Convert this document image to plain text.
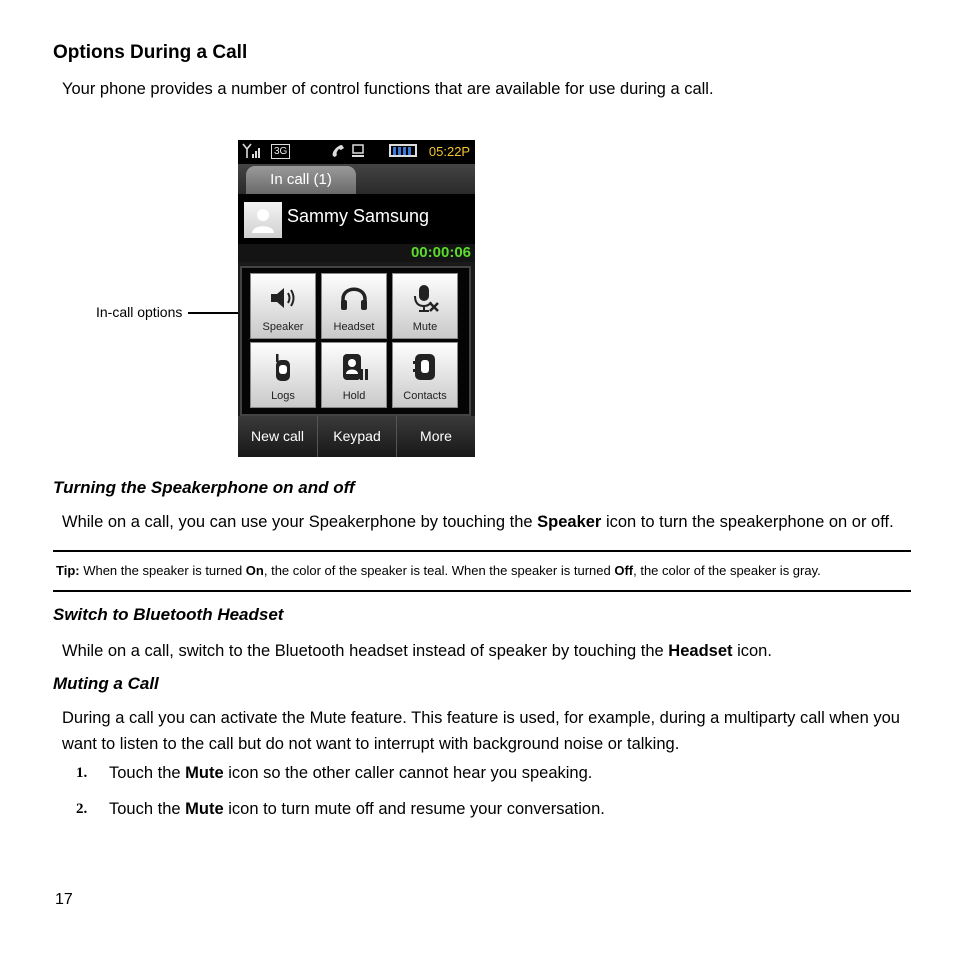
Options During a Call
Your phone provides a number of control functions that are available for use during a call.
3G	05:22P
In call (1)
Sammy Samsung
00:00:06
Speaker	Headset	Mute
Logs	Hold	Contacts
New call	Keypad	More
In-call options
Turning the Speakerphone on and off
While on a call, you can use your Speakerphone by touching the Speaker icon to turn the speakerphone on or off.
Tip: When the speaker is turned On, the color of the speaker is teal. When the speaker is turned Off, the color of the speaker is gray.
Switch to Bluetooth Headset
While on a call, switch to the Bluetooth headset instead of speaker by touching the Headset icon.
Muting a Call
During a call you can activate the Mute feature. This feature is used, for example, during a multiparty call when you
want to listen to the call but do not want to interrupt with background noise or talking.
1. Touch the Mute icon so the other caller cannot hear you speaking.
2. Touch the Mute icon to turn mute off and resume your conversation.
17
